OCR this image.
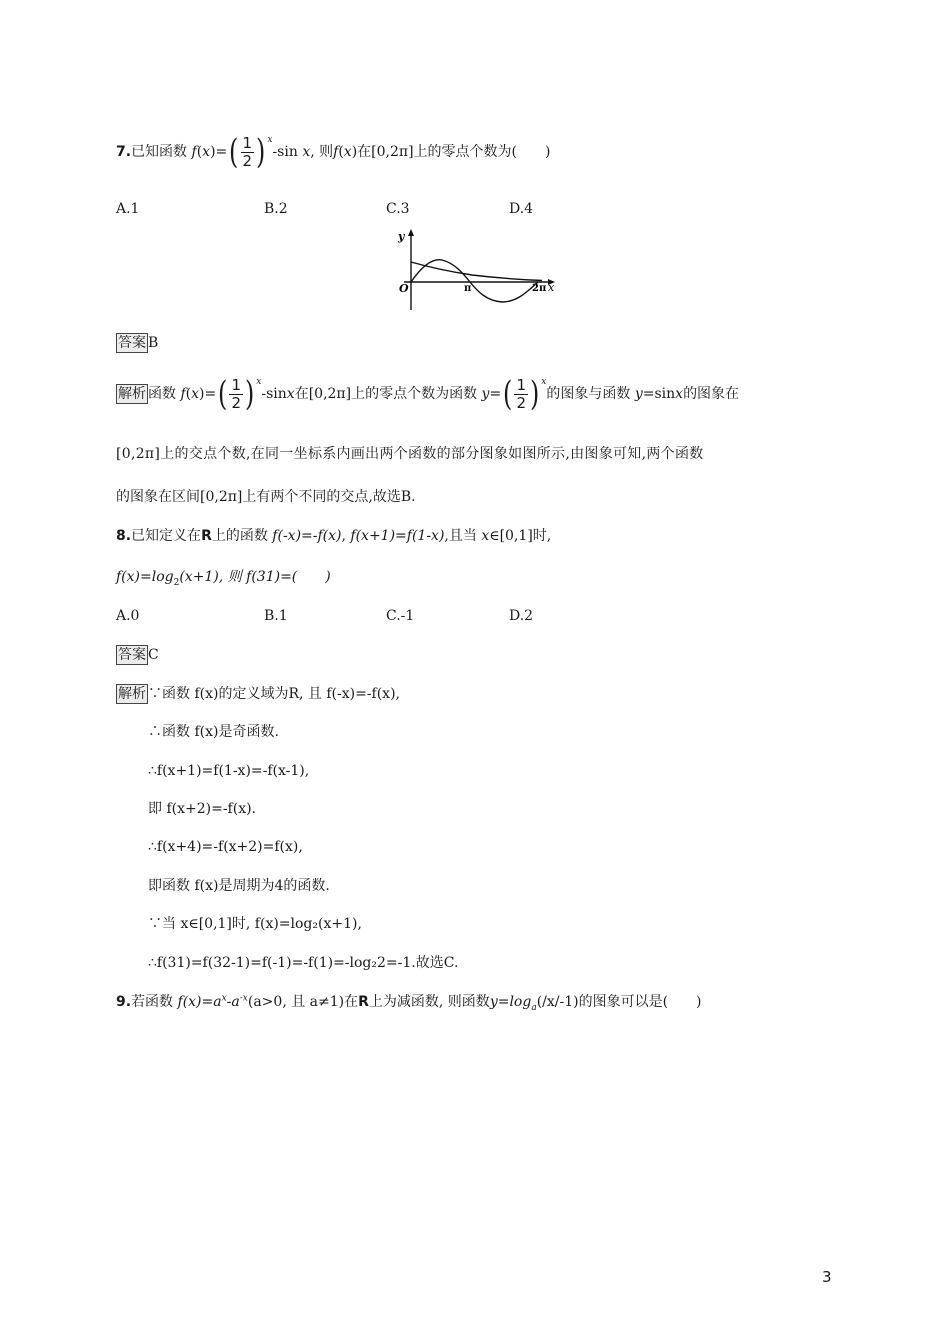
7.已知函数 $f(x)=( \frac{1}{2}$ ) $^x$-sin x, 则f(x)在[0,2π]上的零点个数为(　　)
A.1	B.2	C.3	D.4
y
O	π	2π x
答案 B
解析 函数 $f(x)=( \frac{1}{2}$ ) $^x$-sinx在[0,2π]上的零点个数为函数 $y=( \frac{1}{2}$ ) $^x$的图象与函数 y=sinx的图象在
[0,2π]上的交点个数,在同一坐标系内画出两个函数的部分图象如图所示,由图象可知,两个函数
的图象在区间[0,2π]上有两个不同的交点,故选B.
8.已知定义在R上的函数 f(-x)=-f(x), f(x+1)=f(1-x),且当 x∈[0,1]时,
$f(x)=\log_2(x+1)$, 则 f(31)=(　　)
A.0	B.1	C.-1	D.2
答案 C
解析 ∵函数 f(x)的定义域为R, 且 f(-x)=-f(x),
∴函数 f(x)是奇函数.
∴f(x+1)=f(1-x)=-f(x-1),
即 f(x+2)=-f(x).
∴f(x+4)=-f(x+2)=f(x),
即函数 f(x)是周期为4的函数.
∵当 x∈[0,1]时, f(x)=log₂(x+1),
∴f(31)=f(32-1)=f(-1)=-f(1)=-log₂2=-1.故选C.
9.若函数 $f(x)=a^x-a^{-x}(a>0$, 且 a≠1)在R上为减函数, 则函数$y=\log_a(/x/-1)$的图象可以是(　　)
3
